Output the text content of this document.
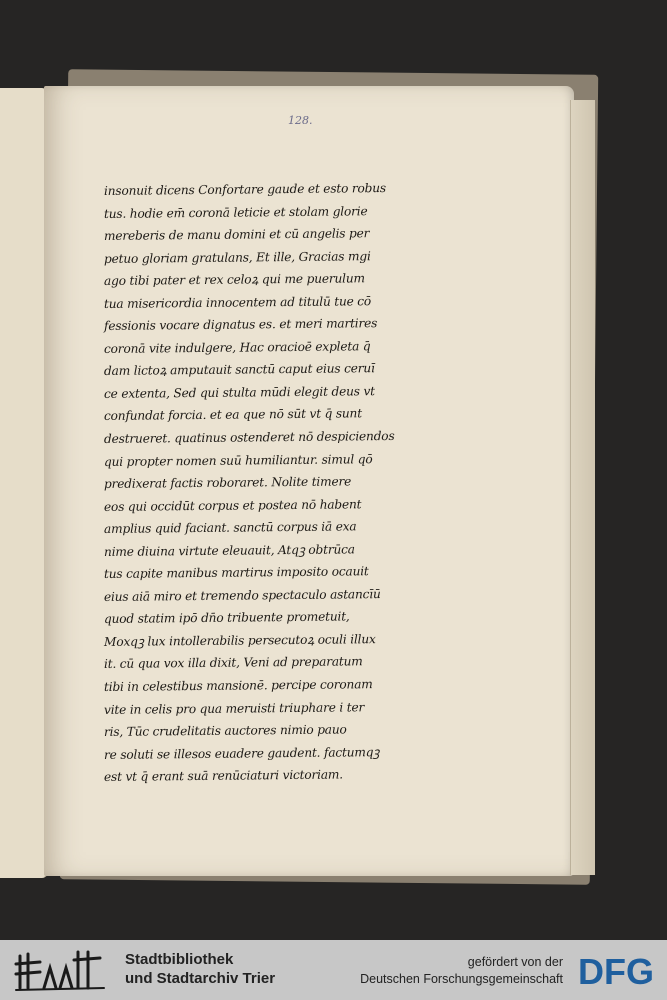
128.
insonuit dicens Confortare gaude et esto robus
tus. hodie em̄ coronā leticie et stolam glorie
mereberis de manu domini et cū angelis per
petuo gloriam gratulans, Et ille, Gracias mgi
ago tibi pater et rex celoꝝ qui me puerulum
tua misericordia innocentem ad titulū tue cō
fessionis vocare dignatus es. et meri martires
coronā vite indulgere, Hac oracioē expleta q̄
dam lictoꝝ amputauit sanctū caput eius ceruī
ce extenta, Sed qui stulta mūdi elegit deus vt
confundat forcia. et ea que nō sūt vt q̄ sunt
destrueret. quatinus ostenderet nō despiciendos
qui propter nomen suū humiliantur. simul qō
predixerat factis roboraret. Nolite timere
eos qui occidūt corpus et postea nō habent
amplius quid faciant. sanctū corpus iā exa
nime diuina virtute eleuauit, Atqꝫ obtrūca
tus capite manibus martirus imposito ocauit
eius aiā miro et tremendo spectaculo astancīū
quod statim ipō dn̄o tribuente prometuit,
Moxqꝫ lux intollerabilis persecutoꝝ oculi illux
it. cū qua vox illa dixit, Veni ad preparatum
tibi in celestibus mansionē. percipe coronam
vite in celis pro qua meruisti triuphare i ter
ris, Tūc crudelitatis auctores nimio pauo
re soluti se illesos euadere gaudent. factumqꝫ
est vt q̄ erant suā renūciaturi victoriam.
Stadtbibliothek
und Stadtarchiv Trier
gefördert von der
Deutschen Forschungsgemeinschaft DFG
